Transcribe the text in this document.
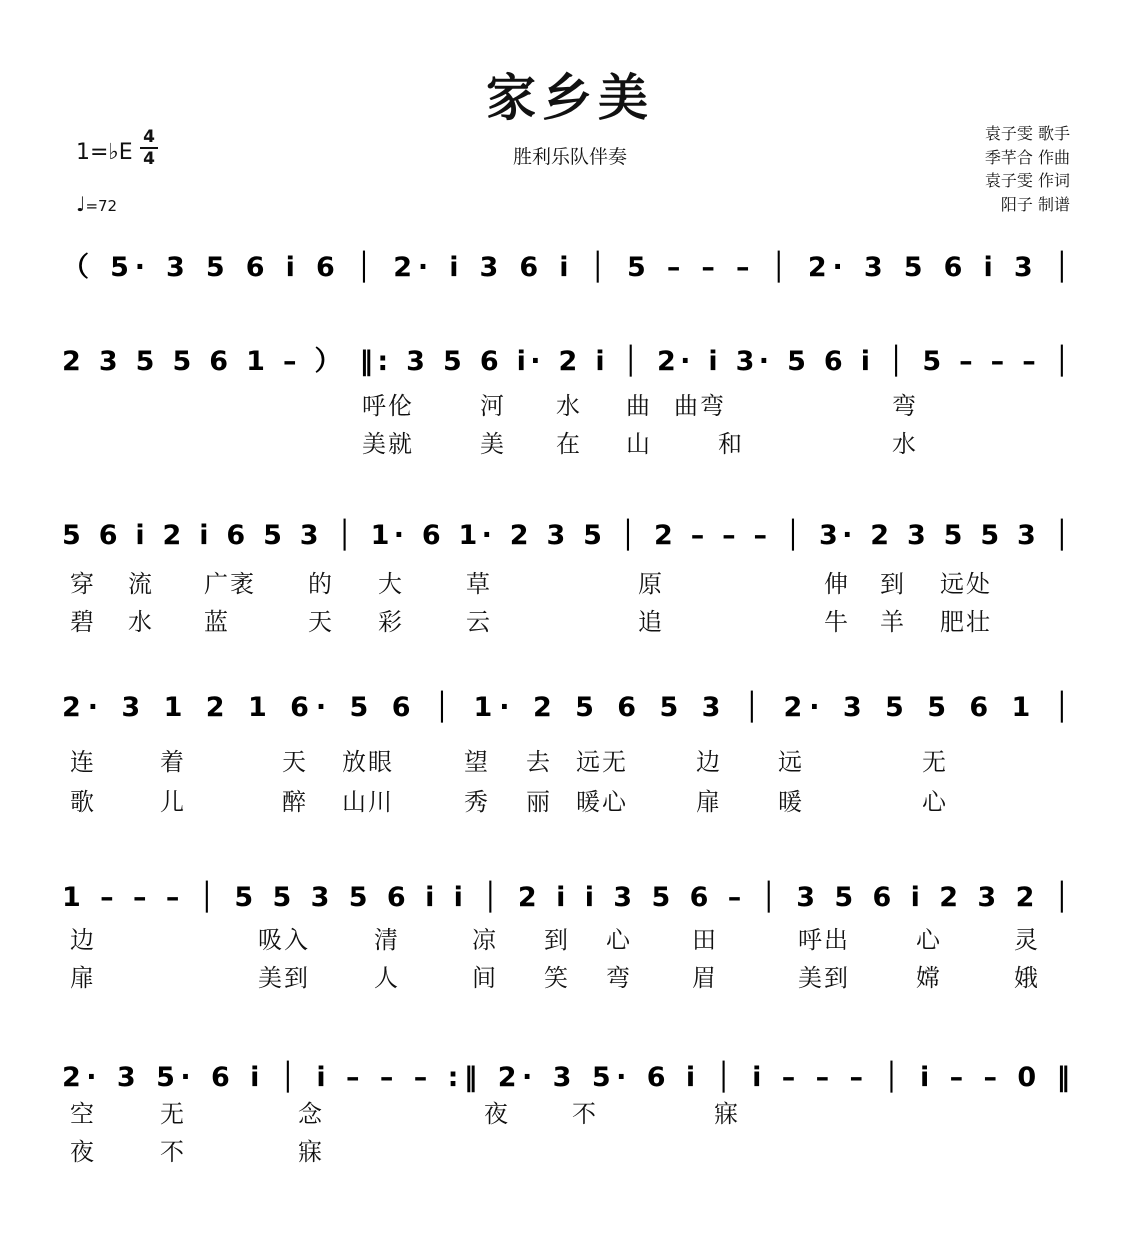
家乡美
胜利乐队伴奏
1=♭E
4
4
♩=72
袁子雯 歌手
季芊合 作曲
袁子雯 作词
阳子 制谱
（ 5· 3 5 6 i 6 │ 2· i 3 6 i │ 5 – – – │ 2· 3 5 6 i 3 │
2 3 5 5 6 1 – ） ‖: 3 5 6 i· 2 i │ 2· i 3· 5 6 i │ 5 – – – │
呼伦	河 水 曲 曲弯	弯
美就	美 在 山	和	水
5 6 i 2 i 6 5 3 │ 1· 6 1· 2 3 5 │ 2 – – – │ 3· 2 3 5 5 3 │
穿 流 广袤 的 大	草	原	伸 到 远处
碧 水 蓝	天 彩	云	追	牛 羊 肥壮
2· 3 1 2 1 6· 5 6 │ 1· 2 5 6 5 3 │ 2· 3 5 5 6 1 │
连	着	天 放眼	望 去 远无	边 远	无
歌	儿	醉 山川	秀 丽 暖心	扉 暖	心
1 – – – │ 5 5 3 5 6 i i │ 2 i i 3 5 6 – │ 3 5 6 i 2 3 2 │
边	吸入	清	凉 到 心	田	呼出	心	灵
扉	美到	人	间 笑 弯	眉	美到	嫦	娥
2· 3 5· 6 i │ i – – – :‖ 2· 3 5· 6 i │ i – – – │ i – – 0 ‖
空	无	念	夜	不	寐
夜	不	寐
